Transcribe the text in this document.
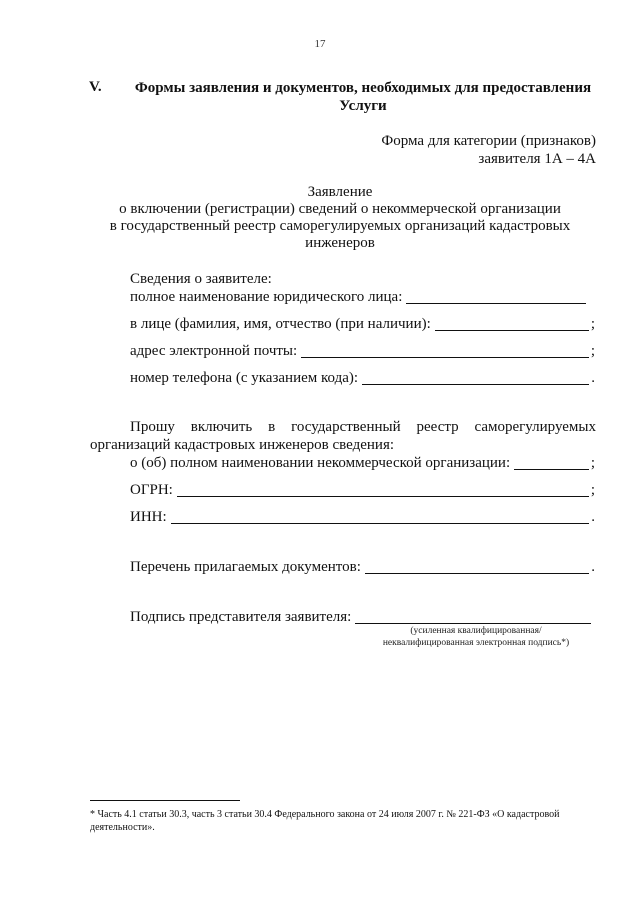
17
V.	Формы заявления и документов, необходимых для предоставления Услуги
Форма для категории (признаков)
заявителя 1А – 4А
Заявление
о включении (регистрации) сведений о некоммерческой организации
в государственный реестр саморегулируемых организаций кадастровых
инженеров
Сведения о заявителе:
полное наименование юридического лица:
в лице (фамилия, имя, отчество (при наличии):	;
адрес электронной почты:	;
номер телефона (с указанием кода):	.
Прошу включить в государственный реестр саморегулируемых организаций кадастровых инженеров сведения:
о (об) полном наименовании некоммерческой организации:	;
ОГРН:	;
ИНН:	.
Перечень прилагаемых документов:	.
Подпись представителя заявителя:
(усиленная квалифицированная/
неквалифицированная электронная подпись*)
* Часть 4.1 статьи 30.3, часть 3 статьи 30.4 Федерального закона от 24 июля 2007 г. № 221-ФЗ «О кадастровой деятельности».
